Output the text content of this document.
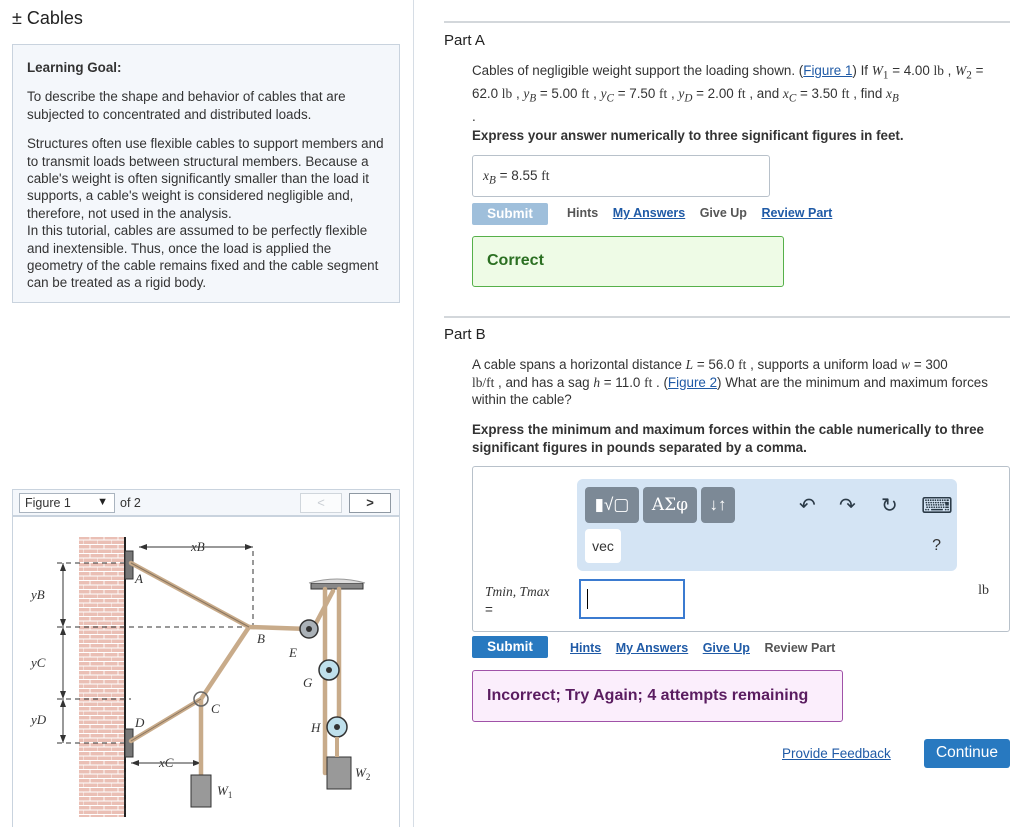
± Cables

Learning Goal:

To describe the shape and behavior of cables that are subjected to concentrated and distributed loads.

Structures often use flexible cables to support members and to transmit loads between structural members. Because a cable's weight is often significantly smaller than the load it supports, a cable's weight is considered negligible and, therefore, not used in the analysis.

In this tutorial, cables are assumed to be perfectly flexible and inextensible. Thus, once the load is applied the geometry of the cable remains fixed and the cable segment can be treated as a rigid body.

Figure 1 ▼ of 2	<	>
xB
xC
yB
yC
yD
A
B
C
D
E
G
H
$W_1$
$W_2$
Part A
Cables of negligible weight support the loading shown. (Figure 1) If $W_1 = 4.00$ lb , $W_2 = 62.0$ lb , $y_B = 5.00$ ft , $y_C = 7.50$ ft , $y_D = 2.00$ ft , and $x_C = 3.50$ ft , find $x_B$
.
Express your answer numerically to three significant figures in feet.
$x_B = 8.55$ ft
Submit	Hints My Answers Give Up Review Part
Correct
Part B
A cable spans a horizontal distance L = 56.0 ft , supports a uniform load w = 300
lb/ft , and has a sag h = 11.0 ft . (Figure 2) What are the minimum and maximum forces within the cable?
Express the minimum and maximum forces within the cable numerically to three significant figures in pounds separated by a comma.
▮√▢	ΑΣφ	↓↑	↶ ↷ ↻ ⌨
vec	?
Tmin, Tmax
=
lb
Submit	Hints My Answers Give Up Review Part
Incorrect; Try Again; 4 attempts remaining
Provide Feedback	Continue
